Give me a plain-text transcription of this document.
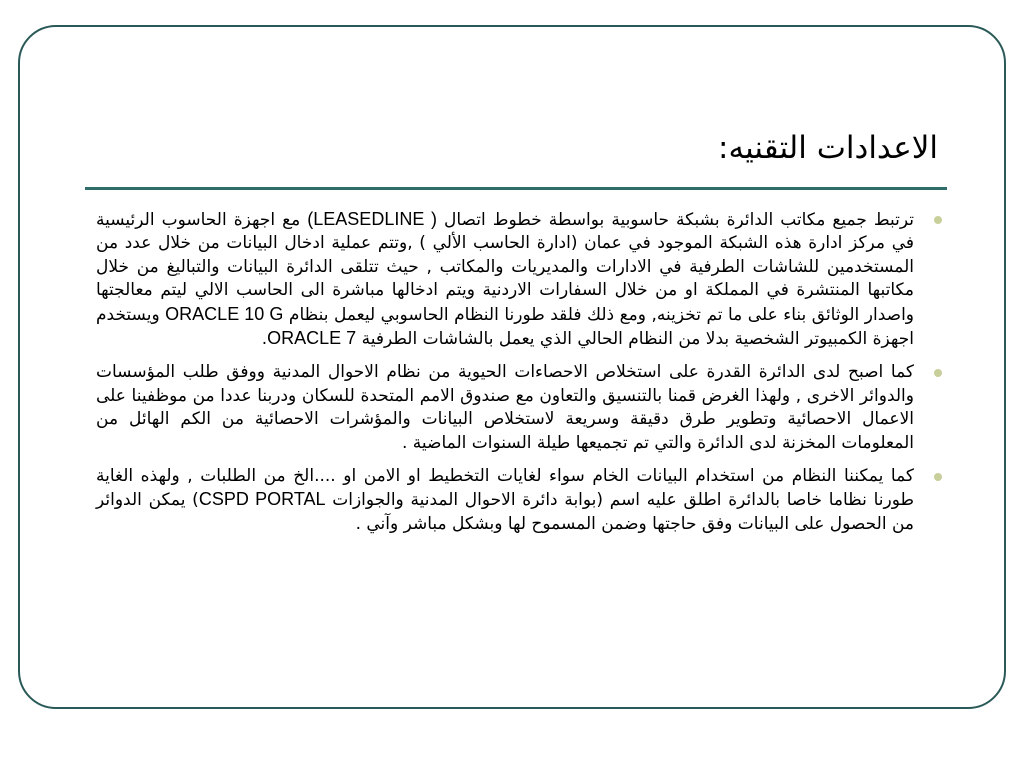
الاعدادات التقنيه:
ترتبط جميع مكاتب الدائرة بشبكة حاسوبية بواسطة خطوط اتصال ( LEASEDLINE) مع اجهزة الحاسوب الرئيسية في مركز ادارة هذه الشبكة الموجود في عمان (ادارة الحاسب الألي ) ,وتتم عملية ادخال البيانات من خلال عدد من المستخدمين للشاشات الطرفية في الادارات والمديريات والمكاتب , حيث تتلقى الدائرة البيانات والتباليغ من خلال مكاتبها المنتشرة في المملكة او من خلال السفارات الاردنية ويتم ادخالها مباشرة الى الحاسب الالي ليتم معالجتها واصدار الوثائق بناء على ما تم تخزينه, ومع ذلك فلقد طورنا النظام الحاسوبي ليعمل بنظام ORACLE 10 G ويستخدم اجهزة الكمبيوتر الشخصية بدلا من النظام الحالي الذي يعمل بالشاشات الطرفية ORACLE 7.
كما اصبح لدى الدائرة القدرة على استخلاص الاحصاءات الحيوية من نظام الاحوال المدنية ووفق طلب المؤسسات والدوائر الاخرى , ولهذا الغرض قمنا بالتنسيق والتعاون مع صندوق الامم المتحدة للسكان ودربنا عددا من موظفينا على الاعمال الاحصائية وتطوير طرق دقيقة وسريعة لاستخلاص البيانات والمؤشرات الاحصائية من الكم الهائل من المعلومات المخزنة لدى الدائرة والتي تم تجميعها طيلة السنوات الماضية .
كما يمكننا النظام من استخدام البيانات الخام سواء لغايات التخطيط او الامن او ....الخ من الطلبات , ولهذه الغاية طورنا نظاما خاصا بالدائرة اطلق عليه اسم (بوابة دائرة الاحوال المدنية والجوازات CSPD PORTAL) يمكن الدوائر من الحصول على البيانات وفق حاجتها وضمن المسموح لها وبشكل مباشر وآني .
